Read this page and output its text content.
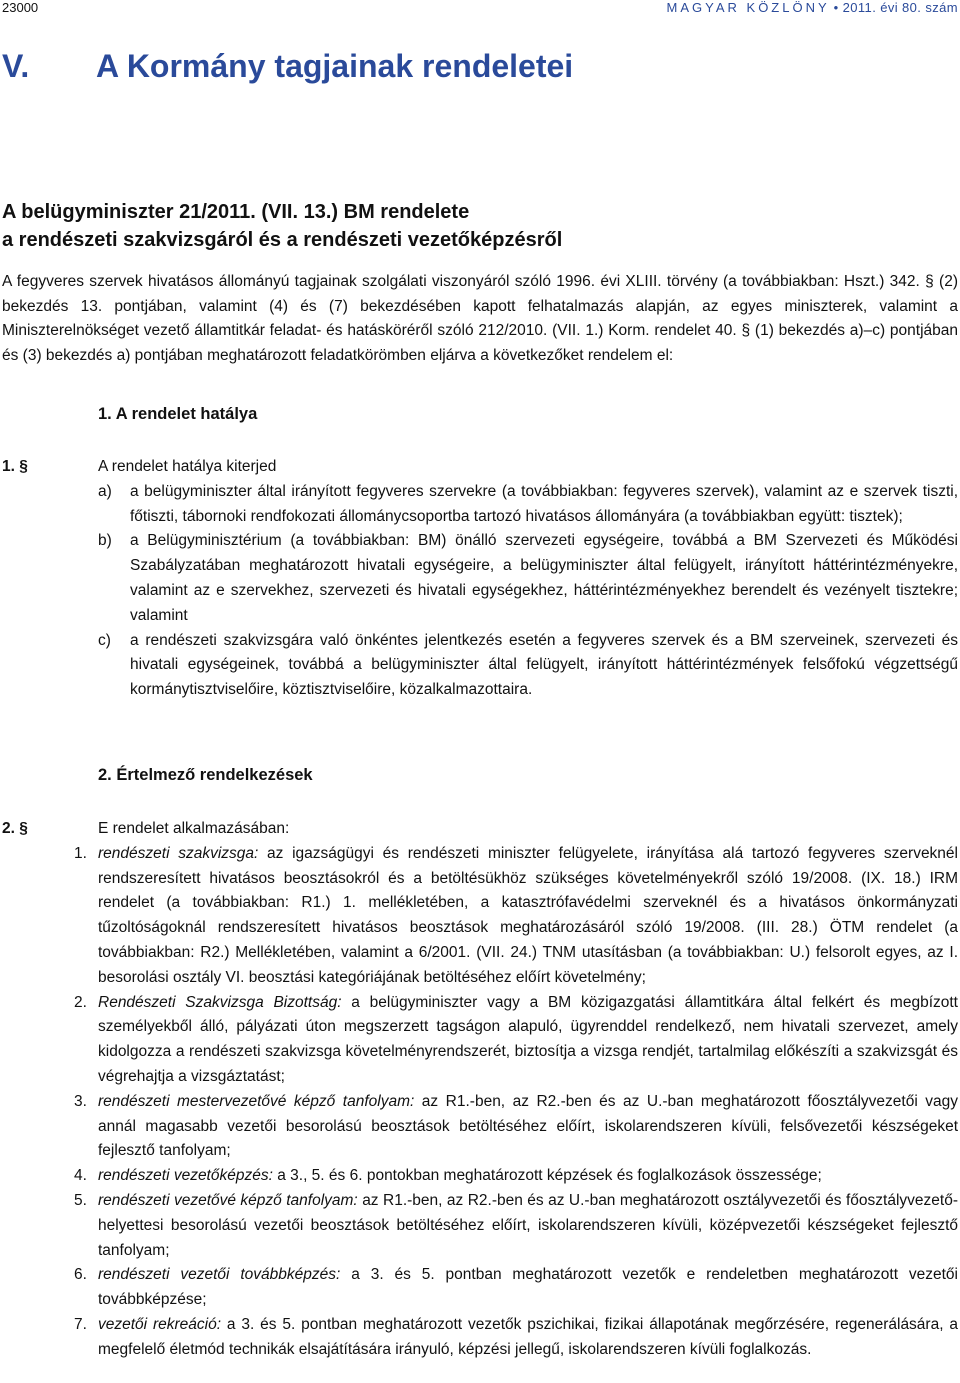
23000	MAGYAR KÖZLÖNY • 2011. évi 80. szám
V. A Kormány tagjainak rendeletei
A belügyminiszter 21/2011. (VII. 13.) BM rendelete
a rendészeti szakvizsgáról és a rendészeti vezetőképzésről
A fegyveres szervek hivatásos állományú tagjainak szolgálati viszonyáról szóló 1996. évi XLIII. törvény (a továbbiakban: Hszt.) 342. § (2) bekezdés 13. pontjában, valamint (4) és (7) bekezdésében kapott felhatalmazás alapján, az egyes miniszterek, valamint a Miniszterelnökséget vezető államtitkár feladat- és hatásköréről szóló 212/2010. (VII. 1.) Korm. rendelet 40. § (1) bekezdés a)–c) pontjában és (3) bekezdés a) pontjában meghatározott feladatkörömben eljárva a következőket rendelem el:
1. A rendelet hatálya
1. §	A rendelet hatálya kiterjed
a) a belügyminiszter által irányított fegyveres szervekre (a továbbiakban: fegyveres szervek), valamint az e szervek tiszti, főtiszti, tábornoki rendfokozati állománycsoportba tartozó hivatásos állományára (a továbbiakban együtt: tisztek);
b) a Belügyminisztérium (a továbbiakban: BM) önálló szervezeti egységeire, továbbá a BM Szervezeti és Működési Szabályzatában meghatározott hivatali egységeire, a belügyminiszter által felügyelt, irányított háttérintézményekre, valamint az e szervekhez, szervezeti és hivatali egységekhez, háttérintézményekhez berendelt és vezényelt tisztekre; valamint
c) a rendészeti szakvizsgára való önkéntes jelentkezés esetén a fegyveres szervek és a BM szerveinek, szervezeti és hivatali egységeinek, továbbá a belügyminiszter által felügyelt, irányított háttérintézmények felsőfokú végzettségű kormánytisztviselőire, köztisztviselőire, közalkalmazottaira.
2. Értelmező rendelkezések
2. §	E rendelet alkalmazásában:
1. rendészeti szakvizsga: az igazságügyi és rendészeti miniszter felügyelete, irányítása alá tartozó fegyveres szerveknél rendszeresített hivatásos beosztásokról és a betöltésükhöz szükséges követelményekről szóló 19/2008. (IX. 18.) IRM rendelet (a továbbiakban: R1.) 1. mellékletében, a katasztrófavédelmi szerveknél és a hivatásos önkormányzati tűzoltóságoknál rendszeresített hivatásos beosztások meghatározásáról szóló 19/2008. (III. 28.) ÖTM rendelet (a továbbiakban: R2.) Mellékletében, valamint a 6/2001. (VII. 24.) TNM utasításban (a továbbiakban: U.) felsorolt egyes, az I. besorolási osztály VI. beosztási kategóriájának betöltéséhez előírt követelmény;
2. Rendészeti Szakvizsga Bizottság: a belügyminiszter vagy a BM közigazgatási államtitkára által felkért és megbízott személyekből álló, pályázati úton megszerzett tagságon alapuló, ügyrenddel rendelkező, nem hivatali szervezet, amely kidolgozza a rendészeti szakvizsga követelményrendszerét, biztosítja a vizsga rendjét, tartalmilag előkészíti a szakvizsgát és végrehajtja a vizsgáztatást;
3. rendészeti mestervezetővé képző tanfolyam: az R1.-ben, az R2.-ben és az U.-ban meghatározott főosztályvezetői vagy annál magasabb vezetői besorolású beosztások betöltéséhez előírt, iskolarendszeren kívüli, felsővezetői készségeket fejlesztő tanfolyam;
4. rendészeti vezetőképzés: a 3., 5. és 6. pontokban meghatározott képzések és foglalkozások összessége;
5. rendészeti vezetővé képző tanfolyam: az R1.-ben, az R2.-ben és az U.-ban meghatározott osztályvezetői és főosztályvezető-helyettesi besorolású vezetői beosztások betöltéséhez előírt, iskolarendszeren kívüli, középvezetői készségeket fejlesztő tanfolyam;
6. rendészeti vezetői továbbképzés: a 3. és 5. pontban meghatározott vezetők e rendeletben meghatározott vezetői továbbképzése;
7. vezetői rekreáció: a 3. és 5. pontban meghatározott vezetők pszichikai, fizikai állapotának megőrzésére, regenerálására, a megfelelő életmód technikák elsajátítására irányuló, képzési jellegű, iskolarendszeren kívüli foglalkozás.
